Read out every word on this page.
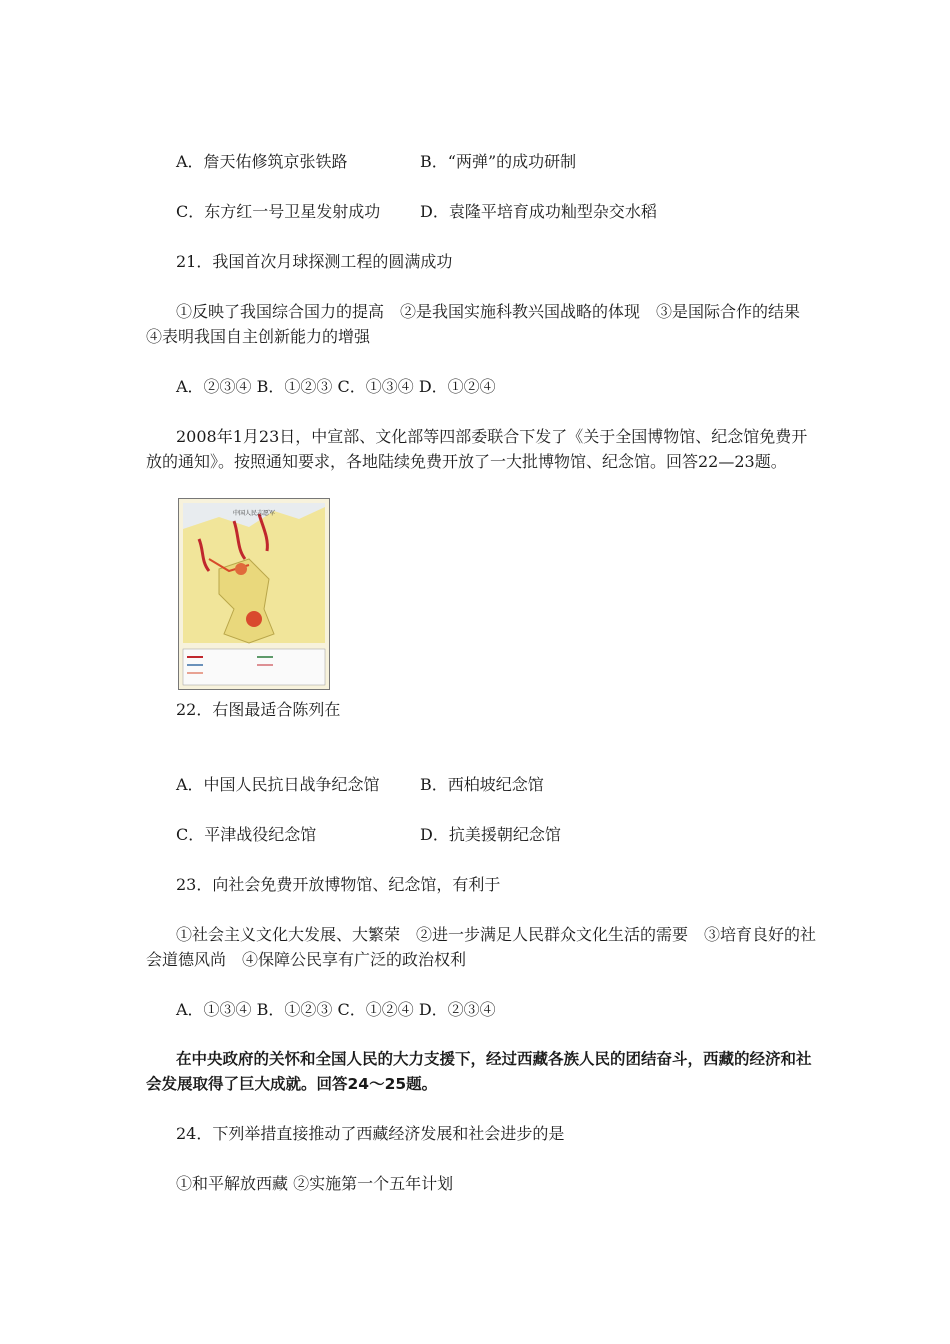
A．詹天佑修筑京张铁路	B．“两弹”的成功研制
C．东方红一号卫星发射成功 D．袁隆平培育成功籼型杂交水稻
21．我国首次月球探测工程的圆满成功
①反映了我国综合国力的提高　②是我国实施科教兴国战略的体现　③是国际合作的结果　④表明我国自主创新能力的增强
A．②③④ B．①②③ C．①③④ D．①②④
2008年1月23日，中宣部、文化部等四部委联合下发了《关于全国博物馆、纪念馆免费开放的通知》。按照通知要求，各地陆续免费开放了一大批博物馆、纪念馆。回答22—23题。
中国人民志愿军
22．右图最适合陈列在
A．中国人民抗日战争纪念馆	B．西柏坡纪念馆
C．平津战役纪念馆	D．抗美援朝纪念馆
23．向社会免费开放博物馆、纪念馆，有利于
①社会主义文化大发展、大繁荣　②进一步满足人民群众文化生活的需要　③培育良好的社会道德风尚　④保障公民享有广泛的政治权利
A．①③④ B．①②③ C．①②④ D．②③④
在中央政府的关怀和全国人民的大力支援下，经过西藏各族人民的团结奋斗，西藏的经济和社会发展取得了巨大成就。回答24～25题。
24．下列举措直接推动了西藏经济发展和社会进步的是
①和平解放西藏 ②实施第一个五年计划
